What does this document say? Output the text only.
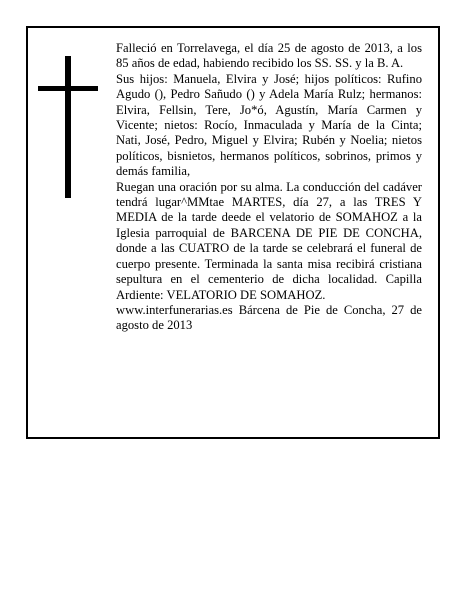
Falleció en Torrelavega, el día 25 de agosto de 2013, a los 85 años de edad, habiendo recibido los SS. SS. y la B. A.

Sus hijos: Manuela, Elvira y José; hijos políticos: Rufino Agudo (), Pedro Sañudo () y Adela María Rulz; hermanos: Elvira, Fellsin, Tere, Jo*ó, Agustín, María Carmen y Vicente; nietos: Rocío, Inmaculada y María de la Cinta; Nati, José, Pedro, Miguel y Elvira; Rubén y Noelia; nietos políticos, bisnietos, hermanos políticos, sobrinos, primos y demás familia,

Ruegan una oración por su alma. La conducción del cadáver tendrá lugar^MMtae MARTES, día 27, a las TRES Y MEDIA de la tarde deede el velatorio de SOMAHOZ a la Iglesia parroquial de BARCENA DE PIE DE CONCHA, donde a las CUATRO de la tarde se celebrará el funeral de cuerpo presente. Terminada la santa misa recibirá cristiana sepultura en el cementerio de dicha localidad. Capilla Ardiente: VELATORIO DE SOMAHOZ.

www.interfunerarias.es Bárcena de Pie de Concha, 27 de agosto de 2013
